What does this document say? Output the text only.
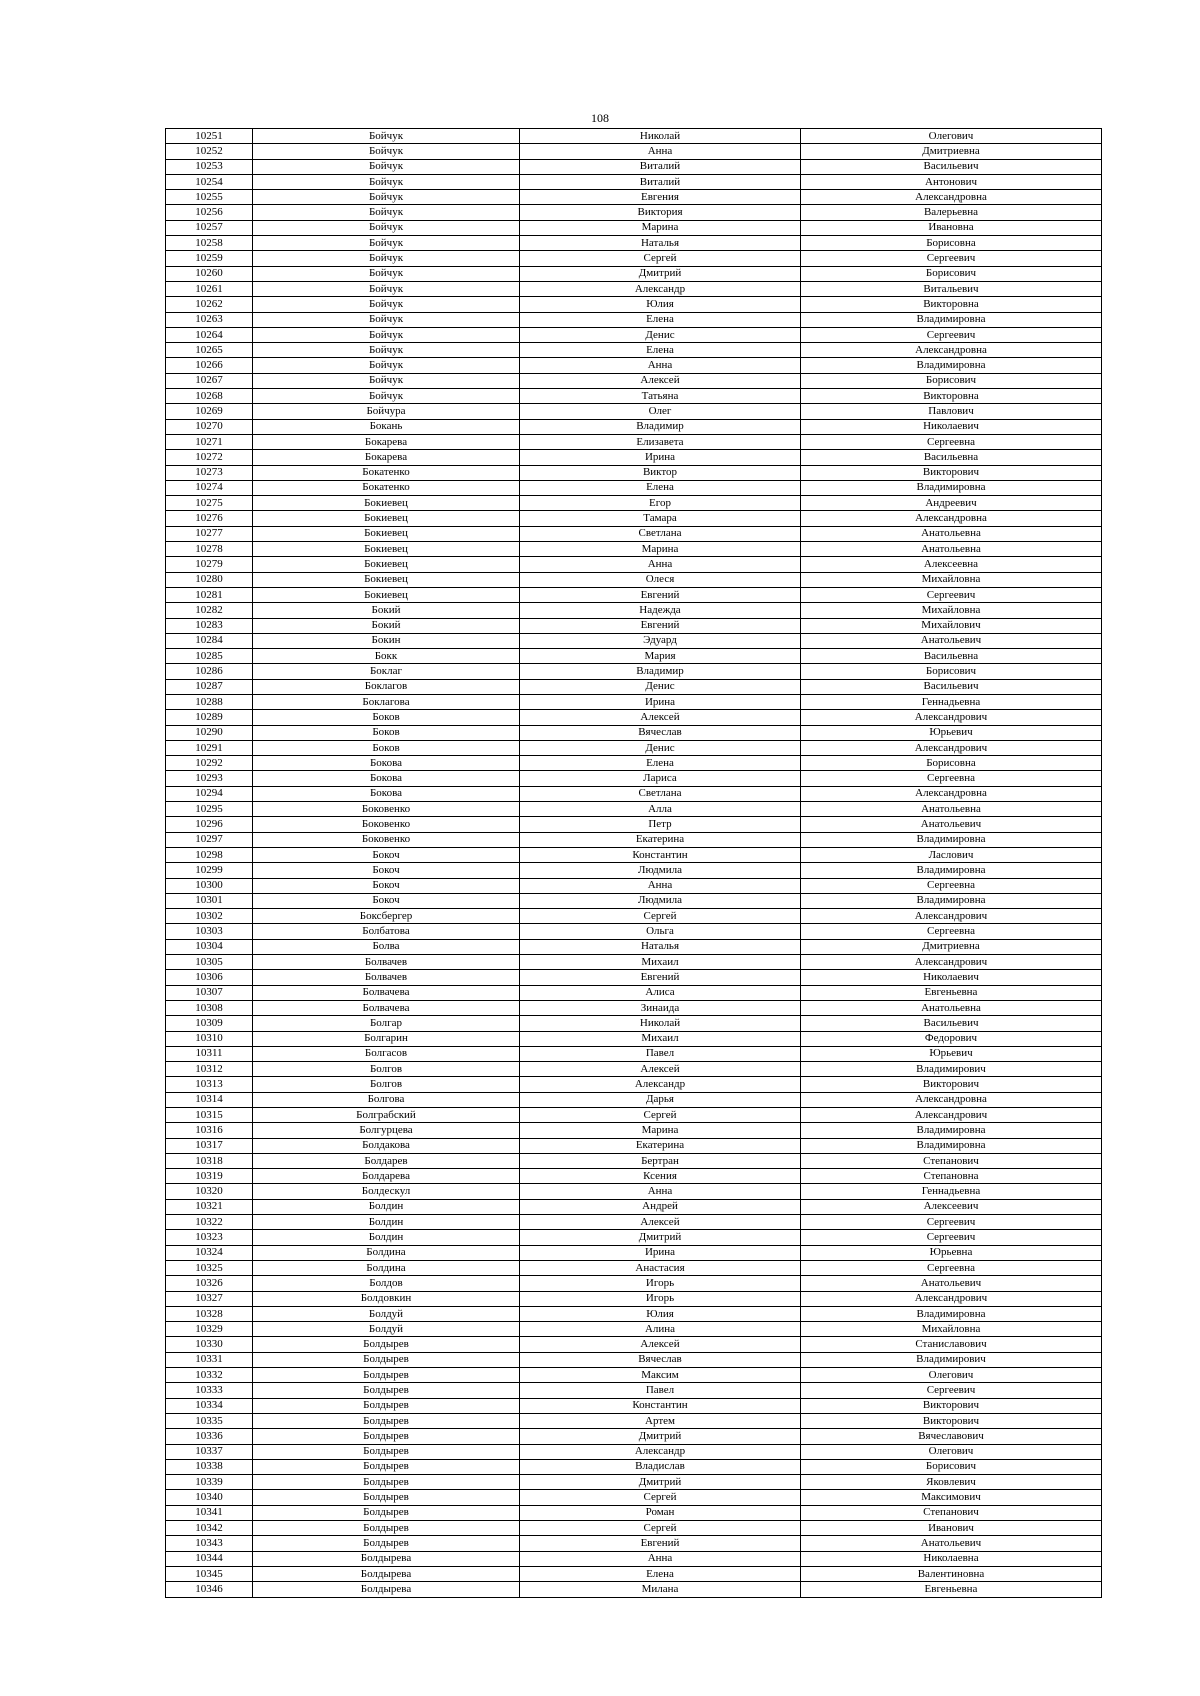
108
10251	Бойчук	Николай	Олегович
10252	Бойчук	Анна	Дмитриевна
10253	Бойчук	Виталий	Васильевич
10254	Бойчук	Виталий	Антонович
10255	Бойчук	Евгения	Александровна
10256	Бойчук	Виктория	Валерьевна
10257	Бойчук	Марина	Ивановна
10258	Бойчук	Наталья	Борисовна
10259	Бойчук	Сергей	Сергеевич
10260	Бойчук	Дмитрий	Борисович
10261	Бойчук	Александр	Витальевич
10262	Бойчук	Юлия	Викторовна
10263	Бойчук	Елена	Владимировна
10264	Бойчук	Денис	Сергеевич
10265	Бойчук	Елена	Александровна
10266	Бойчук	Анна	Владимировна
10267	Бойчук	Алексей	Борисович
10268	Бойчук	Татьяна	Викторовна
10269	Бойчура	Олег	Павлович
10270	Бокань	Владимир	Николаевич
10271	Бокарева	Елизавета	Сергеевна
10272	Бокарева	Ирина	Васильевна
10273	Бокатенко	Виктор	Викторович
10274	Бокатенко	Елена	Владимировна
10275	Бокиевец	Егор	Андреевич
10276	Бокиевец	Тамара	Александровна
10277	Бокиевец	Светлана	Анатольевна
10278	Бокиевец	Марина	Анатольевна
10279	Бокиевец	Анна	Алексеевна
10280	Бокиевец	Олеся	Михайловна
10281	Бокиевец	Евгений	Сергеевич
10282	Бокий	Надежда	Михайловна
10283	Бокий	Евгений	Михайлович
10284	Бокин	Эдуард	Анатольевич
10285	Бокк	Мария	Васильевна
10286	Боклаг	Владимир	Борисович
10287	Боклагов	Денис	Васильевич
10288	Боклагова	Ирина	Геннадьевна
10289	Боков	Алексей	Александрович
10290	Боков	Вячеслав	Юрьевич
10291	Боков	Денис	Александрович
10292	Бокова	Елена	Борисовна
10293	Бокова	Лариса	Сергеевна
10294	Бокова	Светлана	Александровна
10295	Боковенко	Алла	Анатольевна
10296	Боковенко	Петр	Анатольевич
10297	Боковенко	Екатерина	Владимировна
10298	Бокоч	Константин	Ласлович
10299	Бокоч	Людмила	Владимировна
10300	Бокоч	Анна	Сергеевна
10301	Бокоч	Людмила	Владимировна
10302	Боксбергер	Сергей	Александрович
10303	Болбатова	Ольга	Сергеевна
10304	Болва	Наталья	Дмитриевна
10305	Болвачев	Михаил	Александрович
10306	Болвачев	Евгений	Николаевич
10307	Болвачева	Алиса	Евгеньевна
10308	Болвачева	Зинаида	Анатольевна
10309	Болгар	Николай	Васильевич
10310	Болгарин	Михаил	Федорович
10311	Болгасов	Павел	Юрьевич
10312	Болгов	Алексей	Владимирович
10313	Болгов	Александр	Викторович
10314	Болгова	Дарья	Александровна
10315	Болграбский	Сергей	Александрович
10316	Болгурцева	Марина	Владимировна
10317	Болдакова	Екатерина	Владимировна
10318	Болдарев	Бертран	Степанович
10319	Болдарева	Ксения	Степановна
10320	Болдескул	Анна	Геннадьевна
10321	Болдин	Андрей	Алексеевич
10322	Болдин	Алексей	Сергеевич
10323	Болдин	Дмитрий	Сергеевич
10324	Болдина	Ирина	Юрьевна
10325	Болдина	Анастасия	Сергеевна
10326	Болдов	Игорь	Анатольевич
10327	Болдовкин	Игорь	Александрович
10328	Болдуй	Юлия	Владимировна
10329	Болдуй	Алина	Михайловна
10330	Болдырев	Алексей	Станиславович
10331	Болдырев	Вячеслав	Владимирович
10332	Болдырев	Максим	Олегович
10333	Болдырев	Павел	Сергеевич
10334	Болдырев	Константин	Викторович
10335	Болдырев	Артем	Викторович
10336	Болдырев	Дмитрий	Вячеславович
10337	Болдырев	Александр	Олегович
10338	Болдырев	Владислав	Борисович
10339	Болдырев	Дмитрий	Яковлевич
10340	Болдырев	Сергей	Максимович
10341	Болдырев	Роман	Степанович
10342	Болдырев	Сергей	Иванович
10343	Болдырев	Евгений	Анатольевич
10344	Болдырева	Анна	Николаевна
10345	Болдырева	Елена	Валентиновна
10346	Болдырева	Милана	Евгеньевна
